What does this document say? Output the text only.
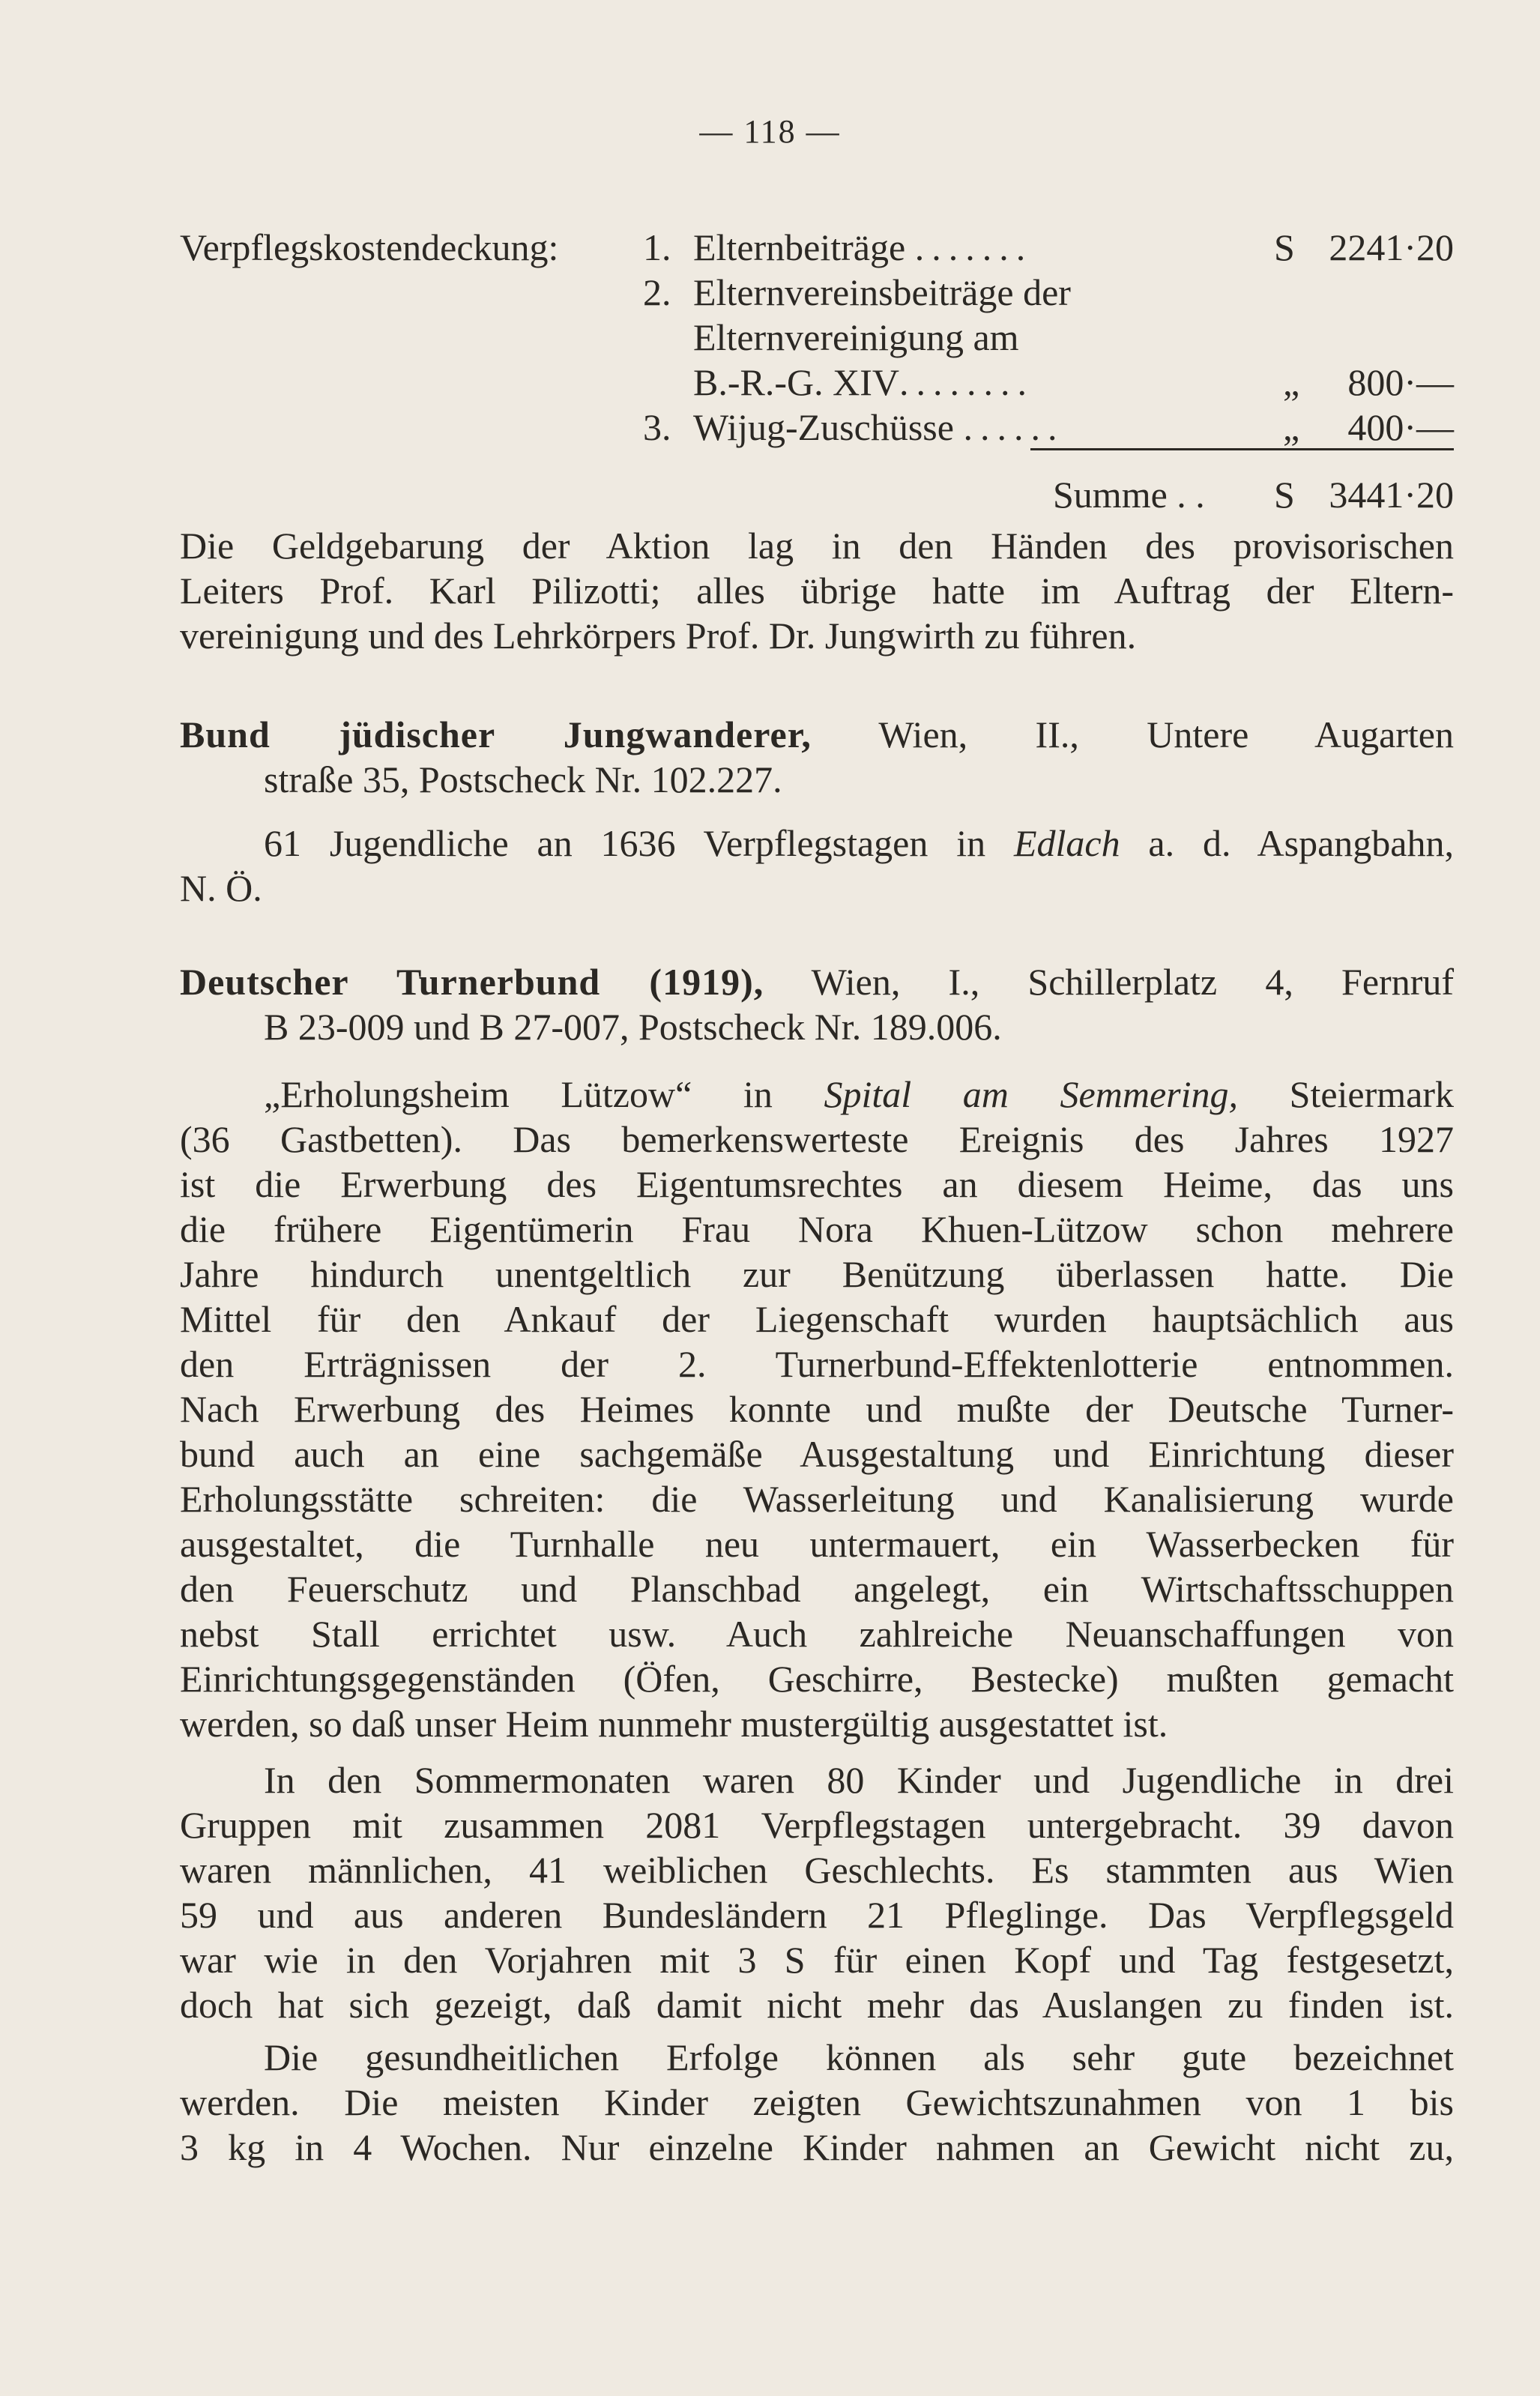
— 118 —
Verpflegskostendeckung: 1. Elternbeiträge .......	S 2241·20
2. Elternvereinsbeiträge der
Elternvereinigung am
B.-R.-G. XIV........	„	800·—
3. Wijug-Zuschüsse ......	„	400·—
Summe . . S 3441·20
Die Geldgebarung der Aktion lag in den Händen des provisorischen
Leiters Prof. Karl Pilizotti; alles übrige hatte im Auftrag der Eltern-
vereinigung und des Lehrkörpers Prof. Dr. Jungwirth zu führen.
Bund jüdischer Jungwanderer, Wien, II., Untere Augarten
straße 35, Postscheck Nr. 102.227.
61 Jugendliche an 1636 Verpflegstagen in Edlach a. d. Aspangbahn,
N. Ö.
Deutscher Turnerbund (1919), Wien, I., Schillerplatz 4, Fernruf
B 23-009 und B 27-007, Postscheck Nr. 189.006.
„Erholungsheim Lützow“ in Spital am Semmering, Steiermark
(36 Gastbetten). Das bemerkenswerteste Ereignis des Jahres 1927
ist die Erwerbung des Eigentumsrechtes an diesem Heime, das uns
die frühere Eigentümerin Frau Nora Khuen-Lützow schon mehrere
Jahre hindurch unentgeltlich zur Benützung überlassen hatte. Die
Mittel für den Ankauf der Liegenschaft wurden hauptsächlich aus
den Erträgnissen der 2. Turnerbund-Effektenlotterie entnommen.
Nach Erwerbung des Heimes konnte und mußte der Deutsche Turner-
bund auch an eine sachgemäße Ausgestaltung und Einrichtung dieser
Erholungsstätte schreiten: die Wasserleitung und Kanalisierung wurde
ausgestaltet, die Turnhalle neu untermauert, ein Wasserbecken für
den Feuerschutz und Planschbad angelegt, ein Wirtschaftsschuppen
nebst Stall errichtet usw. Auch zahlreiche Neuanschaffungen von
Einrichtungsgegenständen (Öfen, Geschirre, Bestecke) mußten gemacht
werden, so daß unser Heim nunmehr mustergültig ausgestattet ist.
In den Sommermonaten waren 80 Kinder und Jugendliche in drei
Gruppen mit zusammen 2081 Verpflegstagen untergebracht. 39 davon
waren männlichen, 41 weiblichen Geschlechts. Es stammten aus Wien
59 und aus anderen Bundesländern 21 Pfleglinge. Das Verpflegsgeld
war wie in den Vorjahren mit 3 S für einen Kopf und Tag festgesetzt,
doch hat sich gezeigt, daß damit nicht mehr das Auslangen zu finden ist.
Die gesundheitlichen Erfolge können als sehr gute bezeichnet
werden. Die meisten Kinder zeigten Gewichtszunahmen von 1 bis
3 kg in 4 Wochen. Nur einzelne Kinder nahmen an Gewicht nicht zu,
